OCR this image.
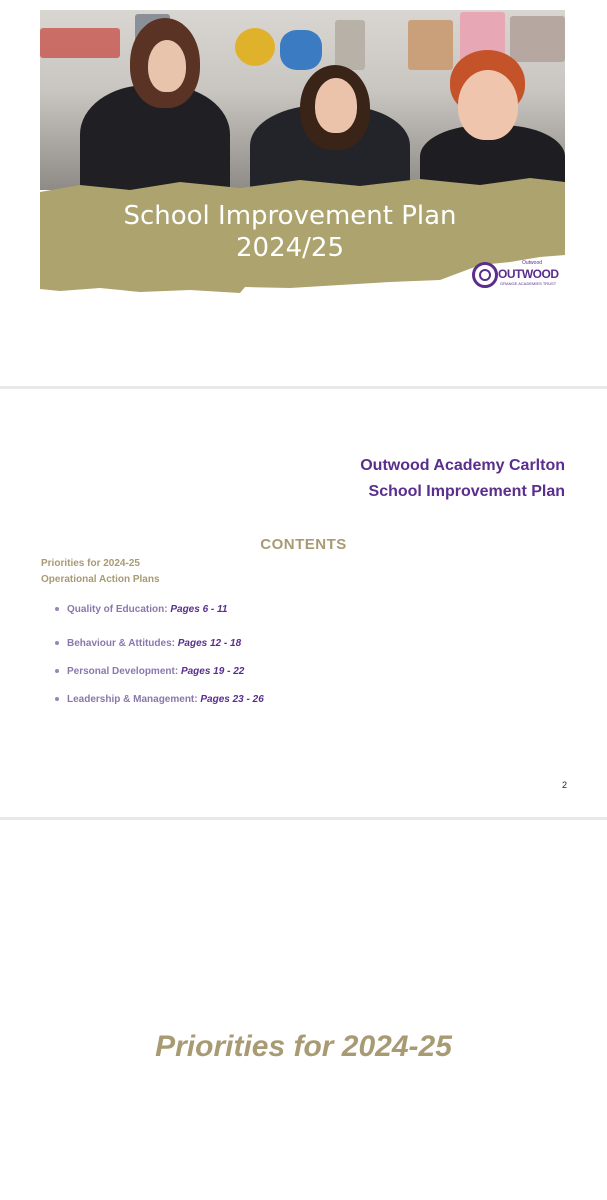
School Improvement Plan
2024/25	Outwood
OUTWOOD
GRANGE ACADEMIES TRUST
Outwood Academy Carlton
School Improvement Plan
CONTENTS
Priorities for 2024-25
Operational Action Plans
Quality of Education: Pages 6 - 11
Behaviour & Attitudes: Pages 12 - 18
Personal Development: Pages 19 - 22
Leadership & Management: Pages 23 - 26
2
Priorities for 2024-25
